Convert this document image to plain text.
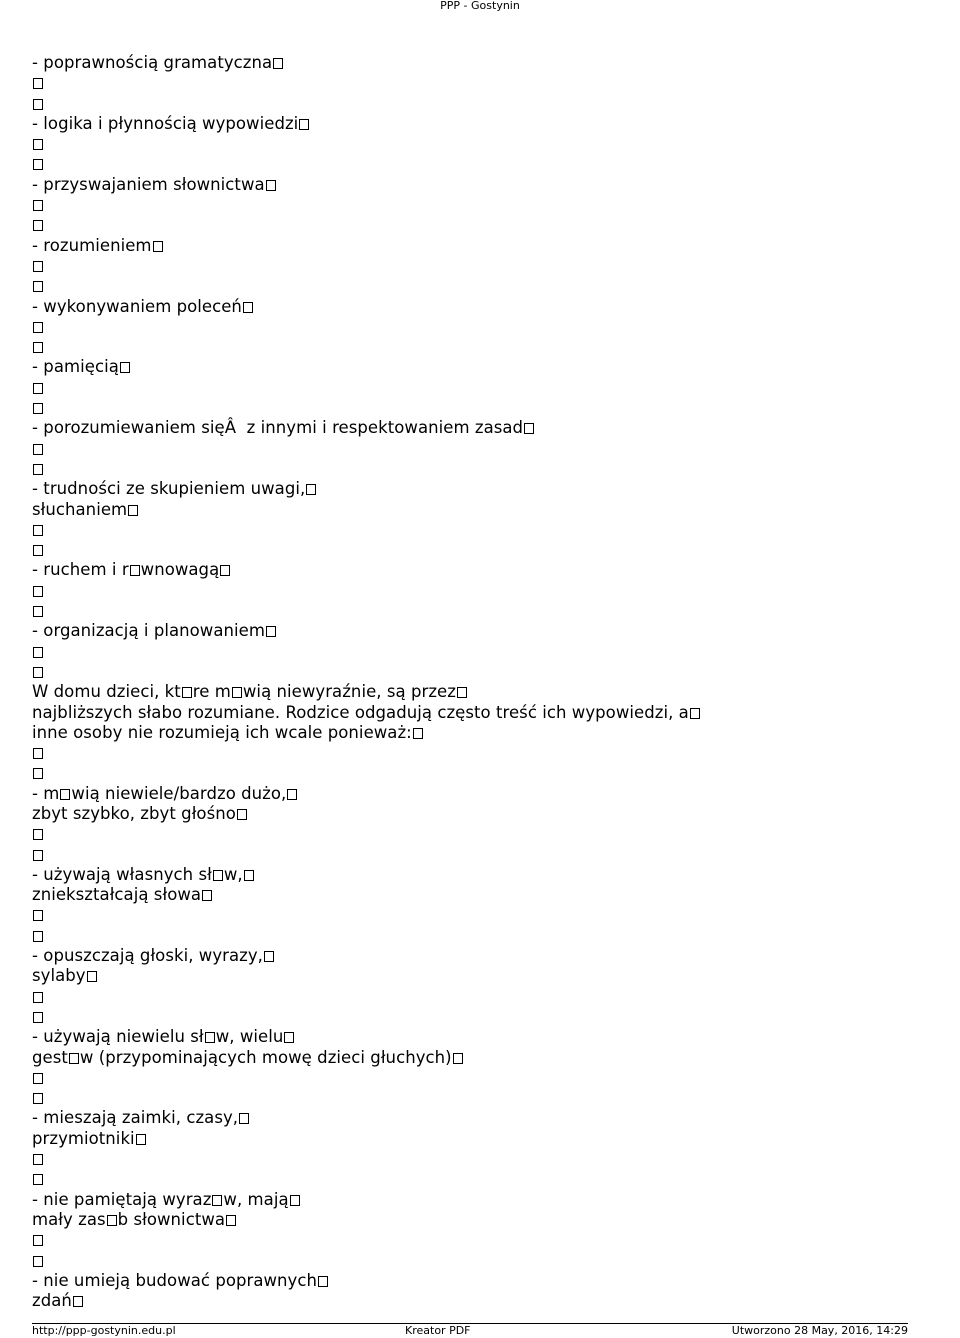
PPP - Gostynin
- poprawnością gramatyczna
- logika i płynnością wypowiedzi
- przyswajaniem słownictwa
- rozumieniem
- wykonywaniem poleceń
- pamięcią
- porozumiewaniem sięÂ  z innymi i respektowaniem zasad
- trudności ze skupieniem uwagi,
słuchaniem
- ruchem i r wnowagą
- organizacją i planowaniem
W domu dzieci, kt re m wią niewyraźnie, są przez
najbliższych słabo rozumiane. Rodzice odgadują często treść ich wypowiedzi, a
inne osoby nie rozumieją ich wcale ponieważ:
- m wią niewiele/bardzo dużo,
zbyt szybko, zbyt głośno
- używają własnych sł w,
zniekształcają słowa
- opuszczają głoski, wyrazy,
sylaby
- używają niewielu sł w, wielu
gest w (przypominających mowę dzieci głuchych)
- mieszają zaimki, czasy,
przymiotniki
- nie pamiętają wyraz w, mają
mały zas b słownictwa
- nie umieją budować poprawnych
zdań
http://ppp-gostynin.edu.pl	Kreator PDF	Utworzono 28 May, 2016, 14:29
